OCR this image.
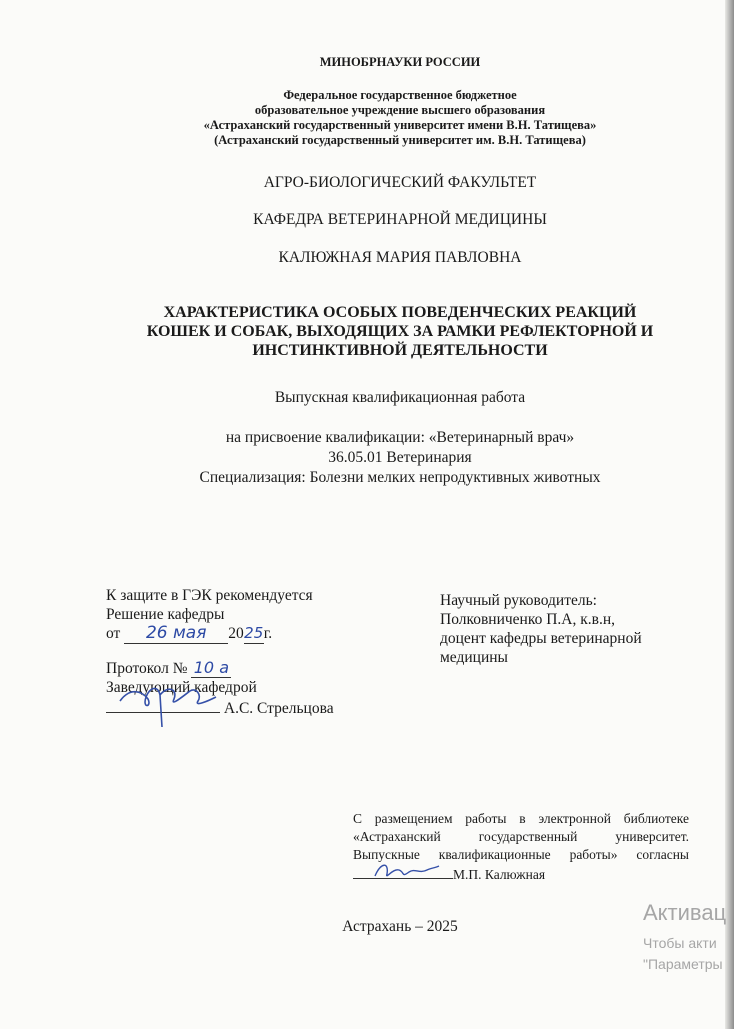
МИНОБРНАУКИ РОССИИ
Федеральное государственное бюджетное
образовательное учреждение высшего образования
«Астраханский государственный университет имени В.Н. Татищева»
(Астраханский государственный университет им. В.Н. Татищева)
АГРО-БИОЛОГИЧЕСКИЙ ФАКУЛЬТЕТ
КАФЕДРА ВЕТЕРИНАРНОЙ МЕДИЦИНЫ
КАЛЮЖНАЯ МАРИЯ ПАВЛОВНА
ХАРАКТЕРИСТИКА ОСОБЫХ ПОВЕДЕНЧЕСКИХ РЕАКЦИЙ
КОШЕК И СОБАК, ВЫХОДЯЩИХ ЗА РАМКИ РЕФЛЕКТОРНОЙ И
ИНСТИНКТИВНОЙ ДЕЯТЕЛЬНОСТИ
Выпускная квалификационная работа
на присвоение квалификации: «Ветеринарный врач»
36.05.01 Ветеринария
Специализация: Болезни мелких непродуктивных животных
К защите в ГЭК рекомендуется
Решение кафедры
от 26 мая 2025г.
Протокол № 10 а
Заведующий кафедрой
А.С. Стрельцова
Научный руководитель:
Полковниченко П.А, к.в.н,
доцент кафедры ветеринарной
медицины
С размещением работы в электронной библиотеке
«Астраханский государственный университет.
Выпускные квалификационные работы» согласны
М.П. Калюжная
Астрахань – 2025
Активац
Чтобы акти
"Параметры
